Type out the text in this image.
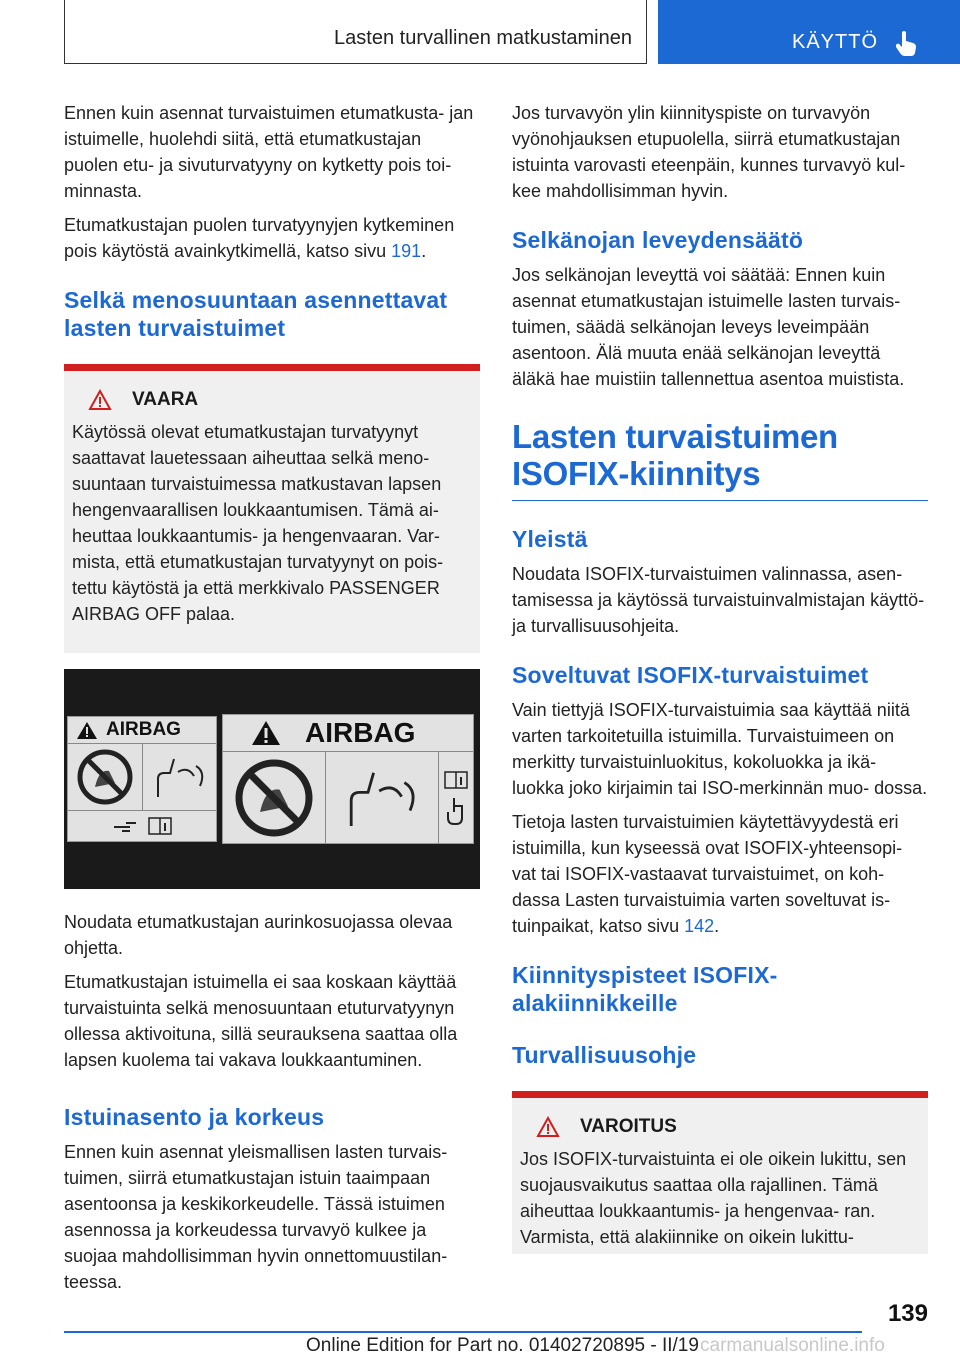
Lasten turvallinen matkustaminen	KÄYTTÖ

Ennen kuin asennat turvaistuimen etumatkusta‐ jan istuimelle, huolehdi siitä, että etumatkustajan puolen etu- ja sivuturvatyyny on kytketty pois toi‐ minnasta.

Etumatkustajan puolen turvatyynyjen kytkeminen pois käytöstä avainkytkimellä, katso sivu 191.

Selkä menosuuntaan asennettavat lasten turvaistuimet
VAARA

Käytössä olevat etumatkustajan turvatyynyt saattavat lauetessaan aiheuttaa selkä meno‐ suuntaan turvaistuimessa matkustavan lapsen hengenvaarallisen loukkaantumisen. Tämä ai‐ heuttaa loukkaantumis- ja hengenvaaran. Var‐ mista, että etumatkustajan turvatyynyt on pois‐ tettu käytöstä ja että merkkivalo PASSENGER AIRBAG OFF palaa.

AIRBAG	AIRBAG

Noudata etumatkustajan aurinkosuojassa olevaa ohjetta.

Etumatkustajan istuimella ei saa koskaan käyttää turvaistuinta selkä menosuuntaan etuturvatyynyn ollessa aktivoituna, sillä seurauksena saattaa olla lapsen kuolema tai vakava loukkaantuminen.

Istuinasento ja korkeus

Ennen kuin asennat yleismallisen lasten turvais‐ tuimen, siirrä etumatkustajan istuin taaimpaan asentoonsa ja keskikorkeudelle. Tässä istuimen asennossa ja korkeudessa turvavyö kulkee ja suojaa mahdollisimman hyvin onnettomuustilan‐ teessa.

Jos turvavyön ylin kiinnityspiste on turvavyön vyönohjauksen etupuolella, siirrä etumatkustajan istuinta varovasti eteenpäin, kunnes turvavyö kul‐ kee mahdollisimman hyvin.

Selkänojan leveydensäätö

Jos selkänojan leveyttä voi säätää: Ennen kuin asennat etumatkustajan istuimelle lasten turvais‐ tuimen, säädä selkänojan leveys leveimpään asentoon. Älä muuta enää selkänojan leveyttä äläkä hae muistiin tallennettua asentoa muistista.

Lasten turvaistuimen ISOFIX-kiinnitys
Yleistä

Noudata ISOFIX-turvaistuimen valinnassa, asen‐ tamisessa ja käytössä turvaistuinvalmistajan käyttö- ja turvallisuusohjeita.

Soveltuvat ISOFIX-turvaistuimet

Vain tiettyjä ISOFIX-turvaistuimia saa käyttää niitä varten tarkoitetuilla istuimilla. Turvaistuimeen on merkitty turvaistuinluokitus, kokoluokka ja ikä‐ luokka joko kirjaimin tai ISO-merkinnän muo‐ dossa.

Tietoja lasten turvaistuimien käytettävyydestä eri istuimilla, kun kyseessä ovat ISOFIX-yhteensopi‐ vat tai ISOFIX-vastaavat turvaistuimet, on koh‐ dassa Lasten turvaistuimia varten soveltuvat is‐ tuinpaikat, katso sivu 142.

Kiinnityspisteet ISOFIX-alakiinnikkeille
Turvallisuusohje
VAROITUS

Jos ISOFIX-turvaistuinta ei ole oikein lukittu, sen suojausvaikutus saattaa olla rajallinen. Tämä aiheuttaa loukkaantumis- ja hengenvaa‐ ran. Varmista, että alakiinnike on oikein lukittu-

139
Online Edition for Part no. 01402720895 - II/19 carmanualsonline.info
